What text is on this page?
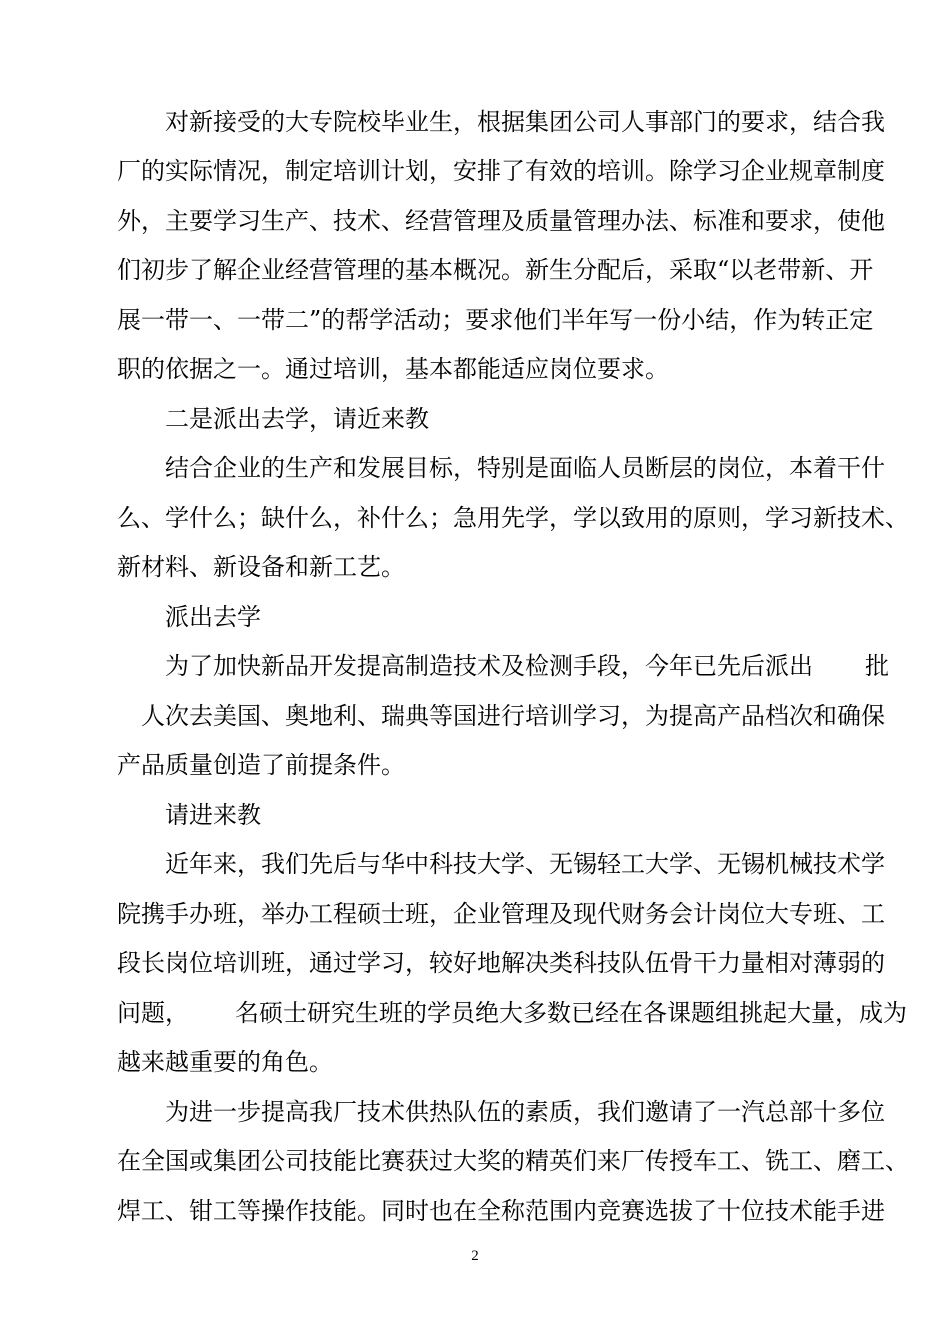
对新接受的大专院校毕业生，根据集团公司人事部门的要求，结合我
厂的实际情况，制定培训计划，安排了有效的培训。除学习企业规章制度
外，主要学习生产、技术、经营管理及质量管理办法、标准和要求，使他
们初步了解企业经营管理的基本概况。新生分配后，采取“以老带新、开
展一带一、一带二”的帮学活动；要求他们半年写一份小结，作为转正定
职的依据之一。通过培训，基本都能适应岗位要求。
二是派出去学，请近来教
结合企业的生产和发展目标，特别是面临人员断层的岗位，本着干什
么、学什么；缺什么，补什么；急用先学，学以致用的原则，学习新技术、
新材料、新设备和新工艺。
派出去学
为了加快新品开发提高制造技术及检测手段，今年已先后派出 批
人次去美国、奥地利、瑞典等国进行培训学习，为提高产品档次和确保
产品质量创造了前提条件。
请进来教
近年来，我们先后与华中科技大学、无锡轻工大学、无锡机械技术学
院携手办班，举办工程硕士班，企业管理及现代财务会计岗位大专班、工
段长岗位培训班，通过学习，较好地解决类科技队伍骨干力量相对薄弱的
问题， 名硕士研究生班的学员绝大多数已经在各课题组挑起大量，成为
越来越重要的角色。
为进一步提高我厂技术供热队伍的素质，我们邀请了一汽总部十多位
在全国或集团公司技能比赛获过大奖的精英们来厂传授车工、铣工、磨工、
焊工、钳工等操作技能。同时也在全称范围内竞赛选拔了十位技术能手进
2
